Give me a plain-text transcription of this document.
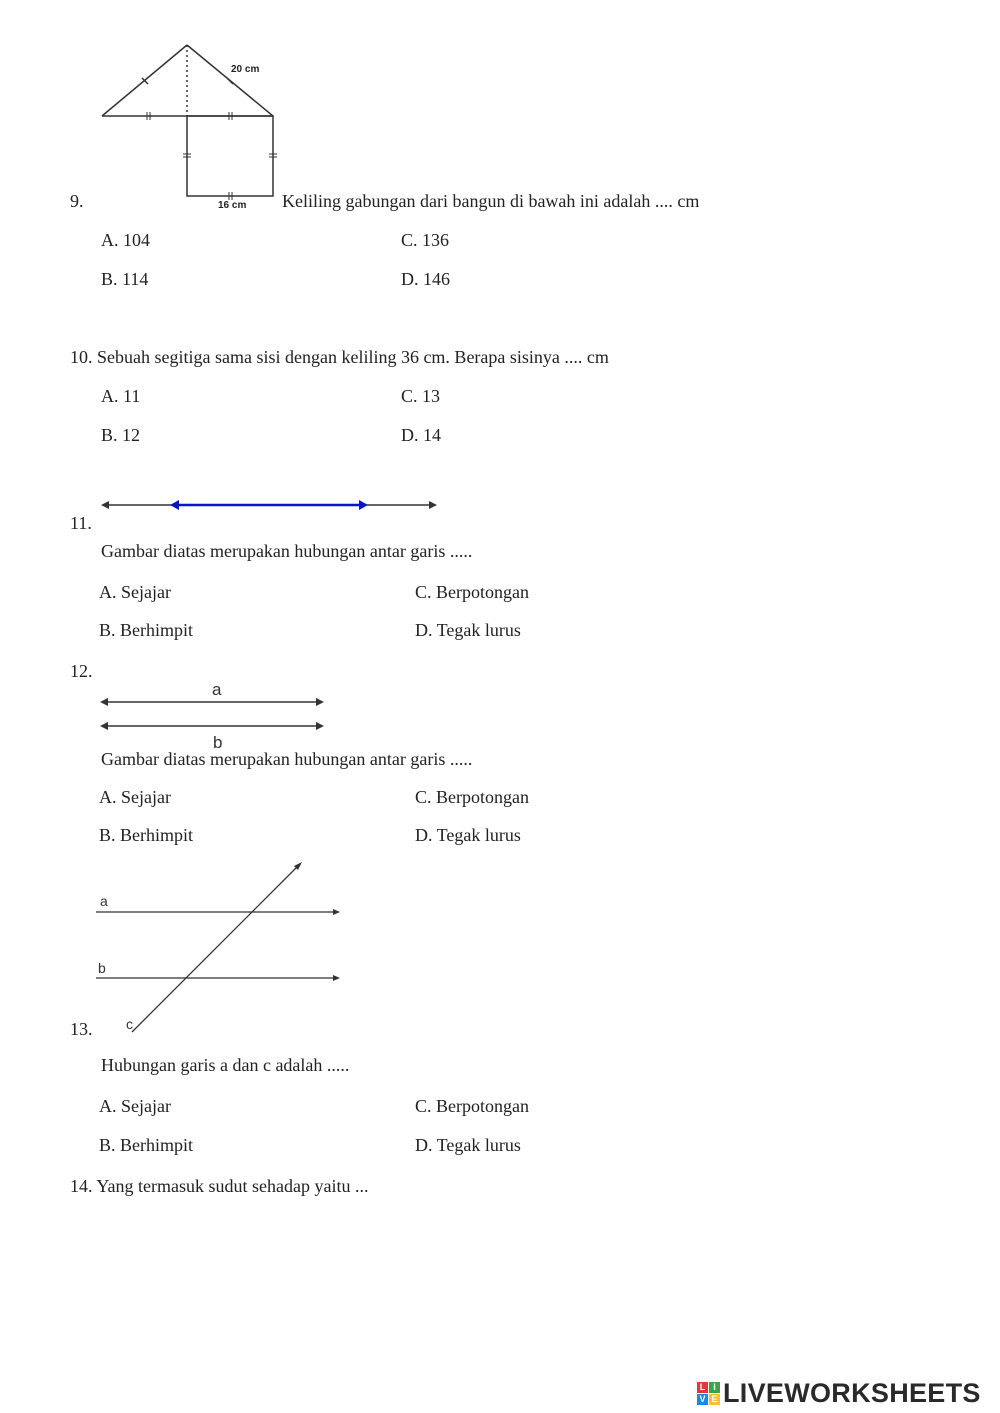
20 cm
16 cm
9.	Keliling gabungan dari bangun di bawah ini adalah .... cm
A. 104	C. 136
B. 114	D. 146
10. Sebuah segitiga sama sisi dengan keliling 36 cm. Berapa sisinya .... cm
A. 11	C. 13
B. 12	D. 14
11.
Gambar diatas merupakan hubungan antar garis .....
A. Sejajar	C. Berpotongan
B. Berhimpit	D. Tegak lurus
12.
a
b
Gambar diatas merupakan hubungan antar garis .....
A. Sejajar	C. Berpotongan
B. Berhimpit	D. Tegak lurus
a
b
c
13.
Hubungan garis a dan c adalah .....
A. Sejajar	C. Berpotongan
B. Berhimpit	D. Tegak lurus
14. Yang termasuk sudut sehadap yaitu ...
L I
V E LIVEWORKSHEETS
